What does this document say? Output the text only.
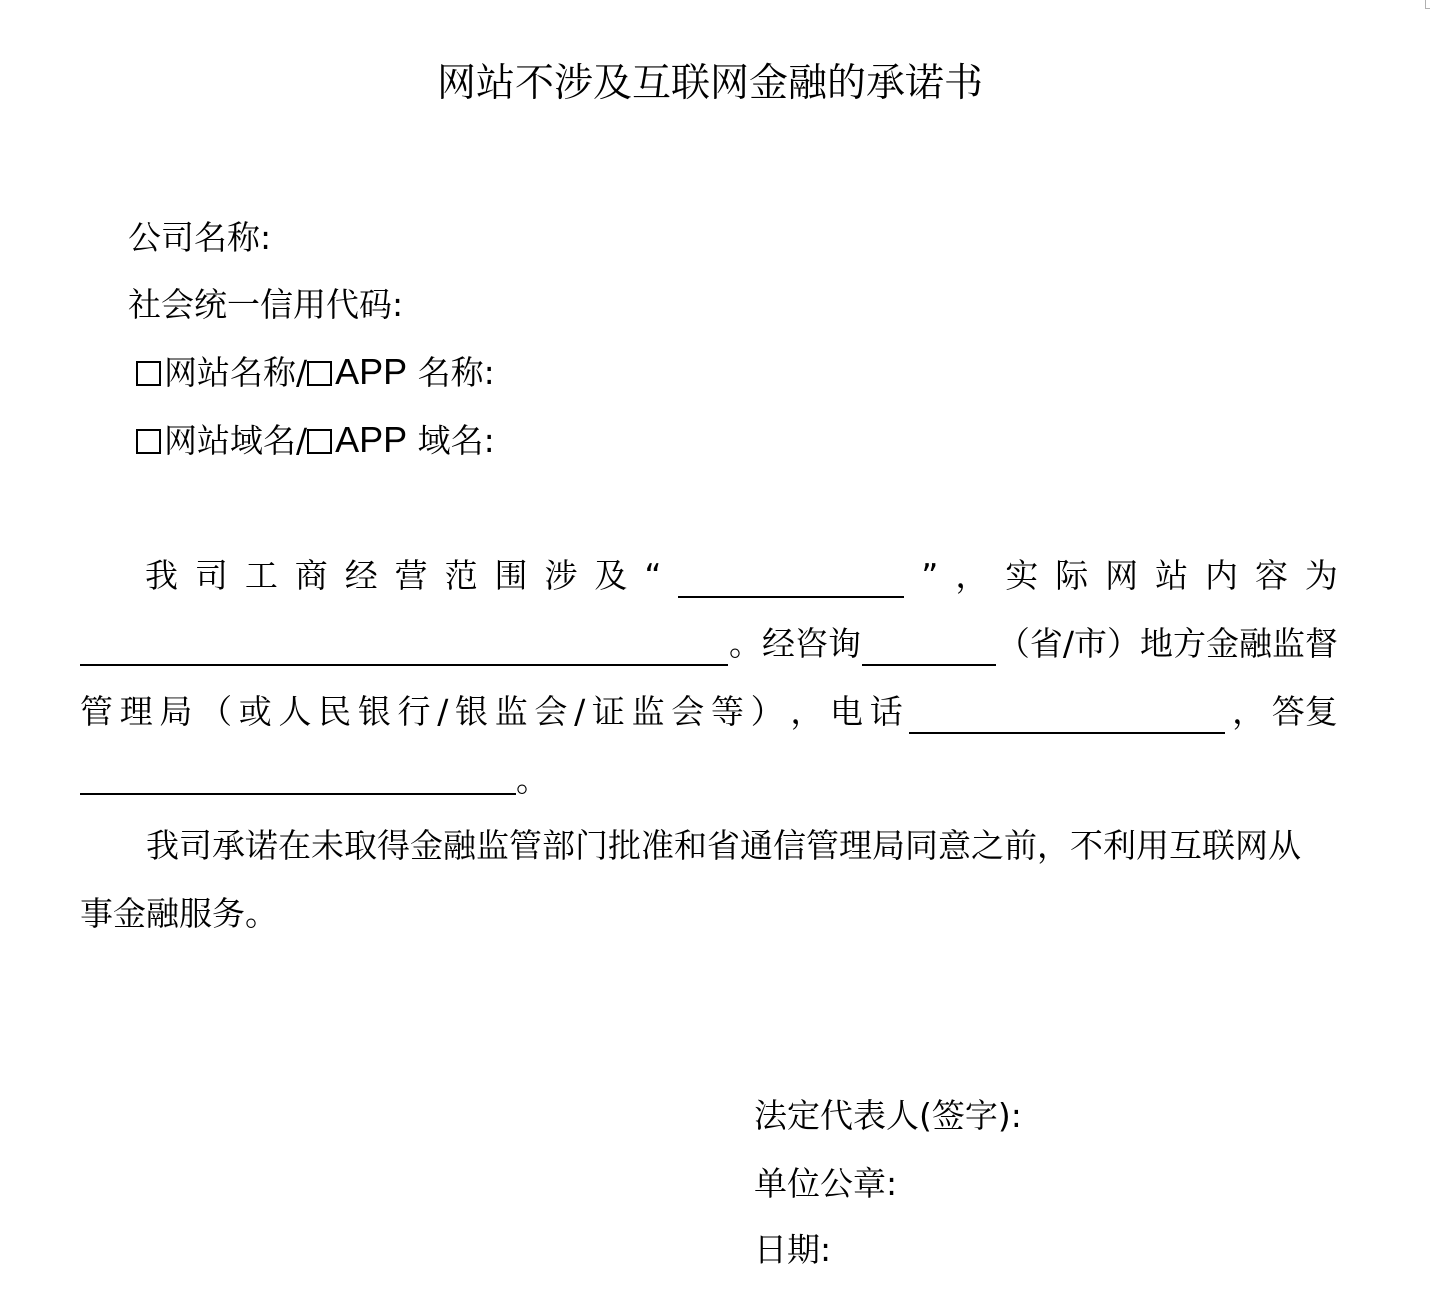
网站不涉及互联网金融的承诺书
公司名称:
社会统一信用代码:
网站名称/ APP 名称:
网站域名/ APP 域名:
我 司 工 商 经 营 范 围 涉 及 “	” ， 实 际 网 站 内 容 为
。经咨询	（省/市）地方金融监督
管 理 局 （ 或 人 民 银 行 / 银 监 会 / 证 监 会 等 ） ， 电 话	， 答复
。
我司承诺在未取得金融监管部门批准和省通信管理局同意之前，不利用互联网从
事金融服务。
法定代表人(签字):
单位公章:
日期:
